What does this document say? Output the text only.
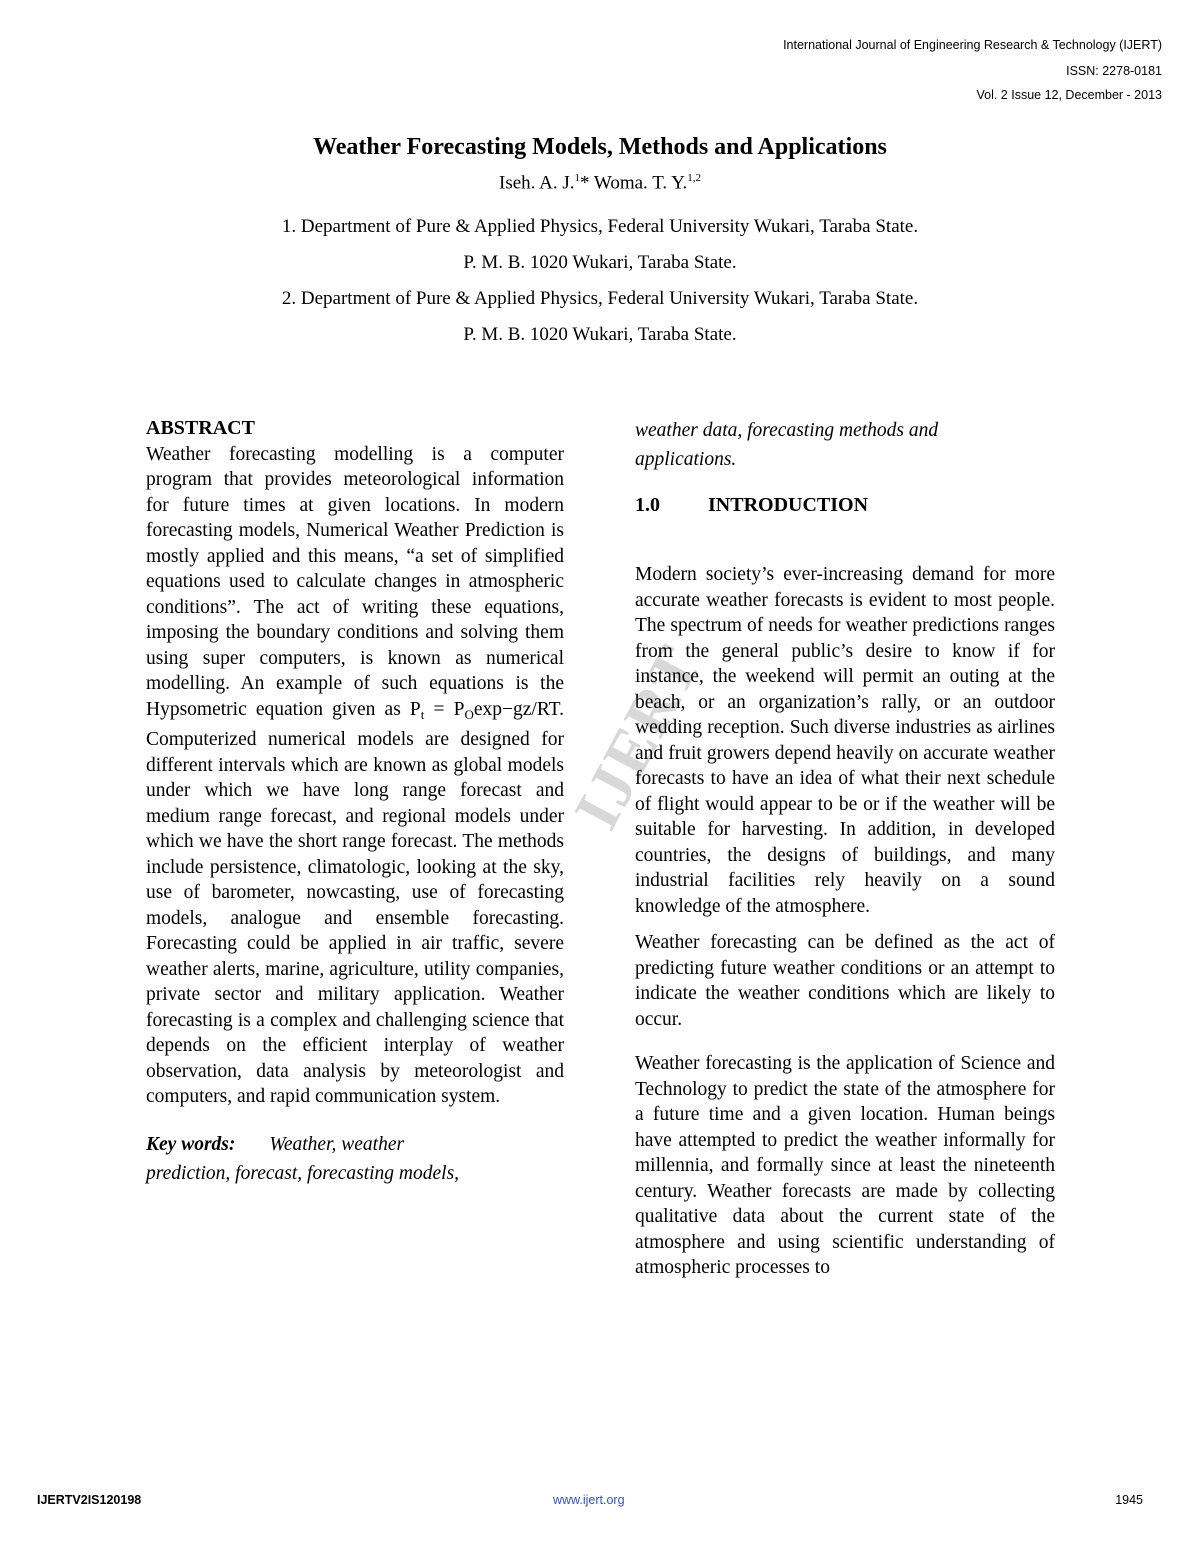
International Journal of Engineering Research & Technology (IJERT)
ISSN: 2278-0181
Vol. 2 Issue 12, December - 2013
Weather Forecasting Models, Methods and Applications
Iseh. A. J.$^1$* Woma. T. Y.$^{1,2}$
1. Department of Pure & Applied Physics, Federal University Wukari, Taraba State.
P. M. B. 1020 Wukari, Taraba State.
2. Department of Pure & Applied Physics, Federal University Wukari, Taraba State.
P. M. B. 1020 Wukari, Taraba State.
IJERT
ABSTRACT

Weather forecasting modelling is a computer program that provides meteorological information for future times at given locations. In modern forecasting models, Numerical Weather Prediction is mostly applied and this means, “a set of simplified equations used to calculate changes in atmospheric conditions”. The act of writing these equations, imposing the boundary conditions and solving them using super computers, is known as numerical modelling. An example of such equations is the Hypsometric equation given as $P_t = P_O\exp-gz/RT$. Computerized numerical models are designed for different intervals which are known as global models under which we have long range forecast and medium range forecast, and regional models under which we have the short range forecast. The methods include persistence, climatologic, looking at the sky, use of barometer, nowcasting, use of forecasting models, analogue and ensemble forecasting. Forecasting could be applied in air traffic, severe weather alerts, marine, agriculture, utility companies, private sector and military application. Weather forecasting is a complex and challenging science that depends on the efficient interplay of weather observation, data analysis by meteorologist and computers, and rapid communication system.

Key words: Weather, weather
prediction, forecast, forecasting models,
weather data, forecasting methods and
applications.
1.0 INTRODUCTION

Modern society’s ever-increasing demand for more accurate weather forecasts is evident to most people. The spectrum of needs for weather predictions ranges from the general public’s desire to know if for instance, the weekend will permit an outing at the beach, or an organization’s rally, or an outdoor wedding reception. Such diverse industries as airlines and fruit growers depend heavily on accurate weather forecasts to have an idea of what their next schedule of flight would appear to be or if the weather will be suitable for harvesting. In addition, in developed countries, the designs of buildings, and many industrial facilities rely heavily on a sound knowledge of the atmosphere.

Weather forecasting can be defined as the act of predicting future weather conditions or an attempt to indicate the weather conditions which are likely to occur.

Weather forecasting is the application of Science and Technology to predict the state of the atmosphere for a future time and a given location. Human beings have attempted to predict the weather informally for millennia, and formally since at least the nineteenth century. Weather forecasts are made by collecting qualitative data about the current state of the atmosphere and using scientific understanding of atmospheric processes to

IJERTV2IS120198	www.ijert.org	1945
